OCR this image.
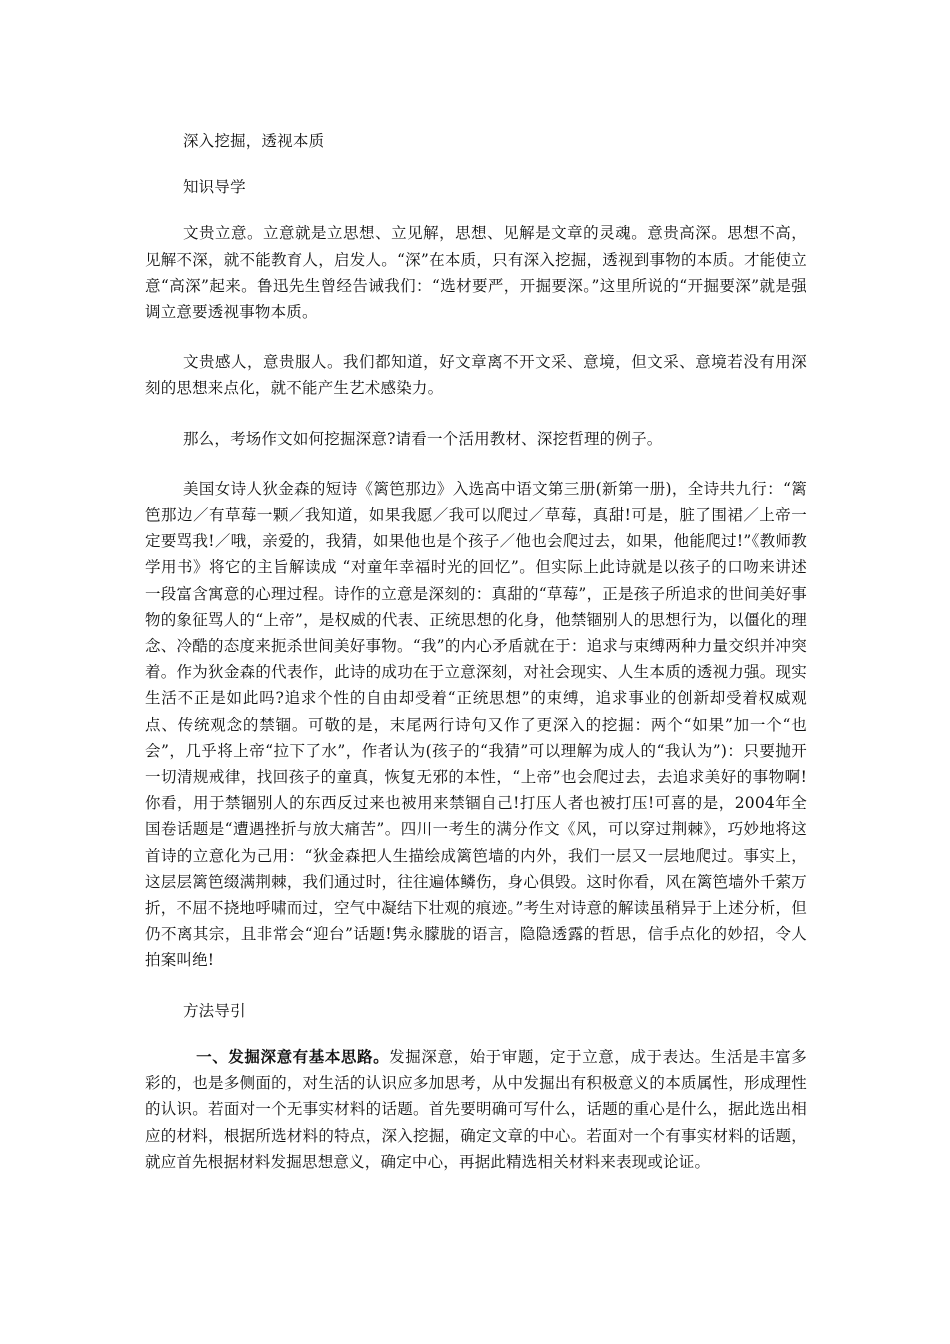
深入挖掘，透视本质

知识导学

文贵立意。立意就是立思想、立见解，思想、见解是文章的灵魂。意贵高深。思想不高，见解不深，就不能教育人，启发人。“深”在本质，只有深入挖掘，透视到事物的本质。才能使立意“高深”起来。鲁迅先生曾经告诫我们：“选材要严，开掘要深。”这里所说的“开掘要深”就是强调立意要透视事物本质。

文贵感人，意贵服人。我们都知道，好文章离不开文采、意境，但文采、意境若没有用深刻的思想来点化，就不能产生艺术感染力。

那么，考场作文如何挖掘深意?请看一个活用教材、深挖哲理的例子。

美国女诗人狄金森的短诗《篱笆那边》入选高中语文第三册(新第一册)，全诗共九行：“篱笆那边／有草莓一颗／我知道，如果我愿／我可以爬过／草莓，真甜!可是，脏了围裙／上帝一定要骂我!／哦，亲爱的，我猜，如果他也是个孩子／他也会爬过去，如果，他能爬过!”《教师教学用书》将它的主旨解读成 “对童年幸福时光的回忆”。但实际上此诗就是以孩子的口吻来讲述一段富含寓意的心理过程。诗作的立意是深刻的：真甜的“草莓”，正是孩子所追求的世间美好事物的象征骂人的“上帝”，是权威的代表、正统思想的化身，他禁锢别人的思想行为，以僵化的理念、冷酷的态度来扼杀世间美好事物。“我”的内心矛盾就在于：追求与束缚两种力量交织并冲突着。作为狄金森的代表作，此诗的成功在于立意深刻，对社会现实、人生本质的透视力强。现实生活不正是如此吗?追求个性的自由却受着“正统思想”的束缚，追求事业的创新却受着权威观点、传统观念的禁锢。可敬的是，末尾两行诗句又作了更深入的挖掘：两个“如果”加一个“也会”，几乎将上帝“拉下了水”，作者认为(孩子的“我猜”可以理解为成人的“我认为”)：只要抛开一切清规戒律，找回孩子的童真，恢复无邪的本性，“上帝”也会爬过去，去追求美好的事物啊!你看，用于禁锢别人的东西反过来也被用来禁锢自己!打压人者也被打压!可喜的是，2004年全国卷话题是“遭遇挫折与放大痛苦”。四川一考生的满分作文《风，可以穿过荆棘》，巧妙地将这首诗的立意化为己用：“狄金森把人生描绘成篱笆墙的内外，我们一层又一层地爬过。事实上，这层层篱笆缀满荆棘，我们通过时，往往遍体鳞伤，身心俱毁。这时你看，风在篱笆墙外千萦万折，不屈不挠地呼啸而过，空气中凝结下壮观的痕迹。”考生对诗意的解读虽稍异于上述分析，但仍不离其宗，且非常会“迎台”话题!隽永朦胧的语言，隐隐透露的哲思，信手点化的妙招，令人拍案叫绝!

方法导引

一、发掘深意有基本思路。发掘深意，始于审题，定于立意，成于表达。生活是丰富多彩的，也是多侧面的，对生活的认识应多加思考，从中发掘出有积极意义的本质属性，形成理性的认识。若面对一个无事实材料的话题。首先要明确可写什么，话题的重心是什么，据此选出相应的材料，根据所选材料的特点，深入挖掘，确定文章的中心。若面对一个有事实材料的话题，就应首先根据材料发掘思想意义，确定中心，再据此精选相关材料来表现或论证。
